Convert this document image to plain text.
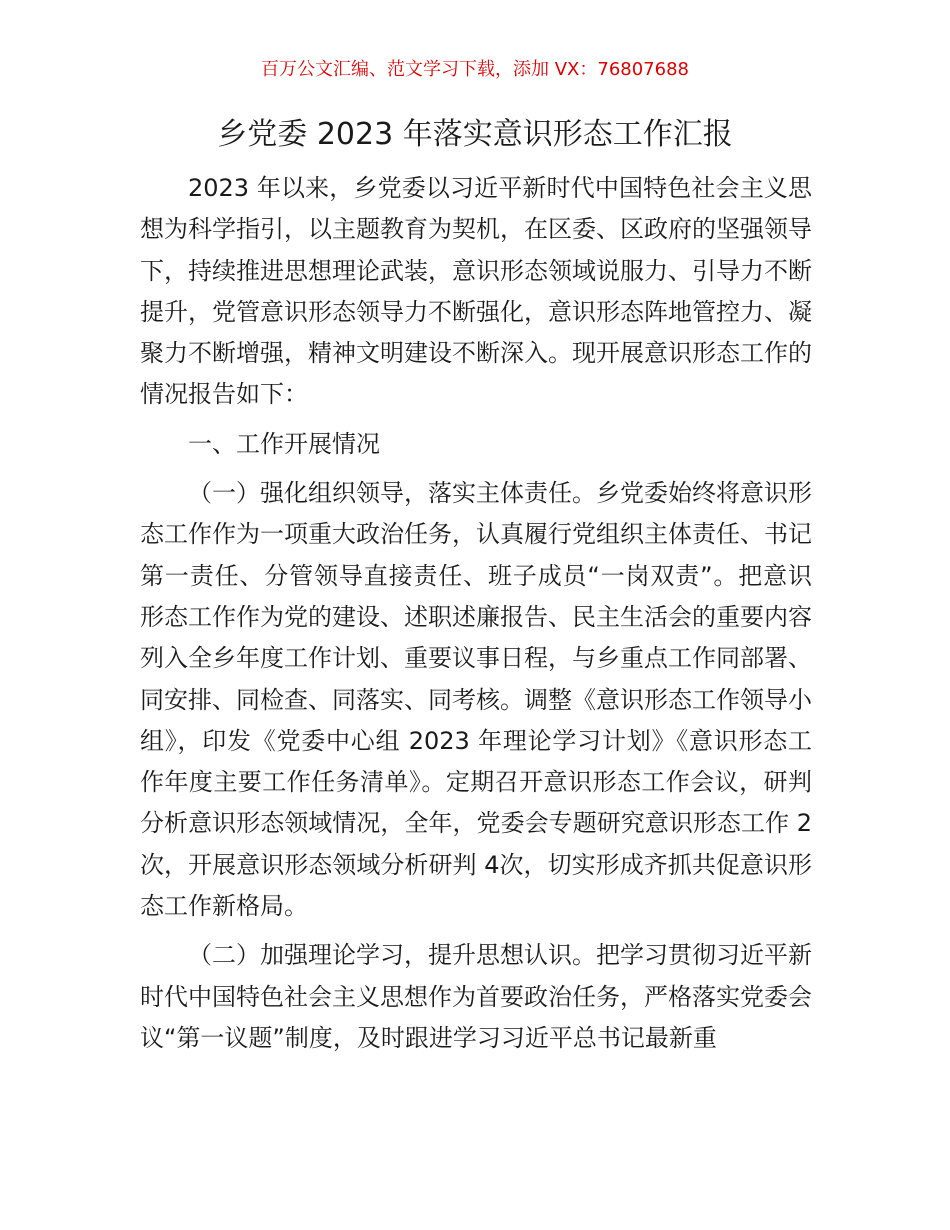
百万公文汇编、范文学习下载，添加 VX：76807688
乡党委 2023 年落实意识形态工作汇报

2023 年以来，乡党委以习近平新时代中国特色社会主义思想为科学指引，以主题教育为契机，在区委、区政府的坚强领导下，持续推进思想理论武装，意识形态领域说服力、引导力不断提升，党管意识形态领导力不断强化，意识形态阵地管控力、凝聚力不断增强，精神文明建设不断深入。现开展意识形态工作的情况报告如下：

一、工作开展情况

（一）强化组织领导，落实主体责任。乡党委始终将意识形态工作作为一项重大政治任务，认真履行党组织主体责任、书记第一责任、分管领导直接责任、班子成员“一岗双责”。把意识形态工作作为党的建设、述职述廉报告、民主生活会的重要内容列入全乡年度工作计划、重要议事日程，与乡重点工作同部署、同安排、同检查、同落实、同考核。调整《意识形态工作领导小组》，印发《党委中心组 2023 年理论学习计划》《意识形态工作年度主要工作任务清单》。定期召开意识形态工作会议，研判分析意识形态领域情况，全年，党委会专题研究意识形态工作 2 次，开展意识形态领域分析研判 4次，切实形成齐抓共促意识形态工作新格局。

（二）加强理论学习，提升思想认识。把学习贯彻习近平新时代中国特色社会主义思想作为首要政治任务，严格落实党委会议“第一议题”制度，及时跟进学习习近平总书记最新重
